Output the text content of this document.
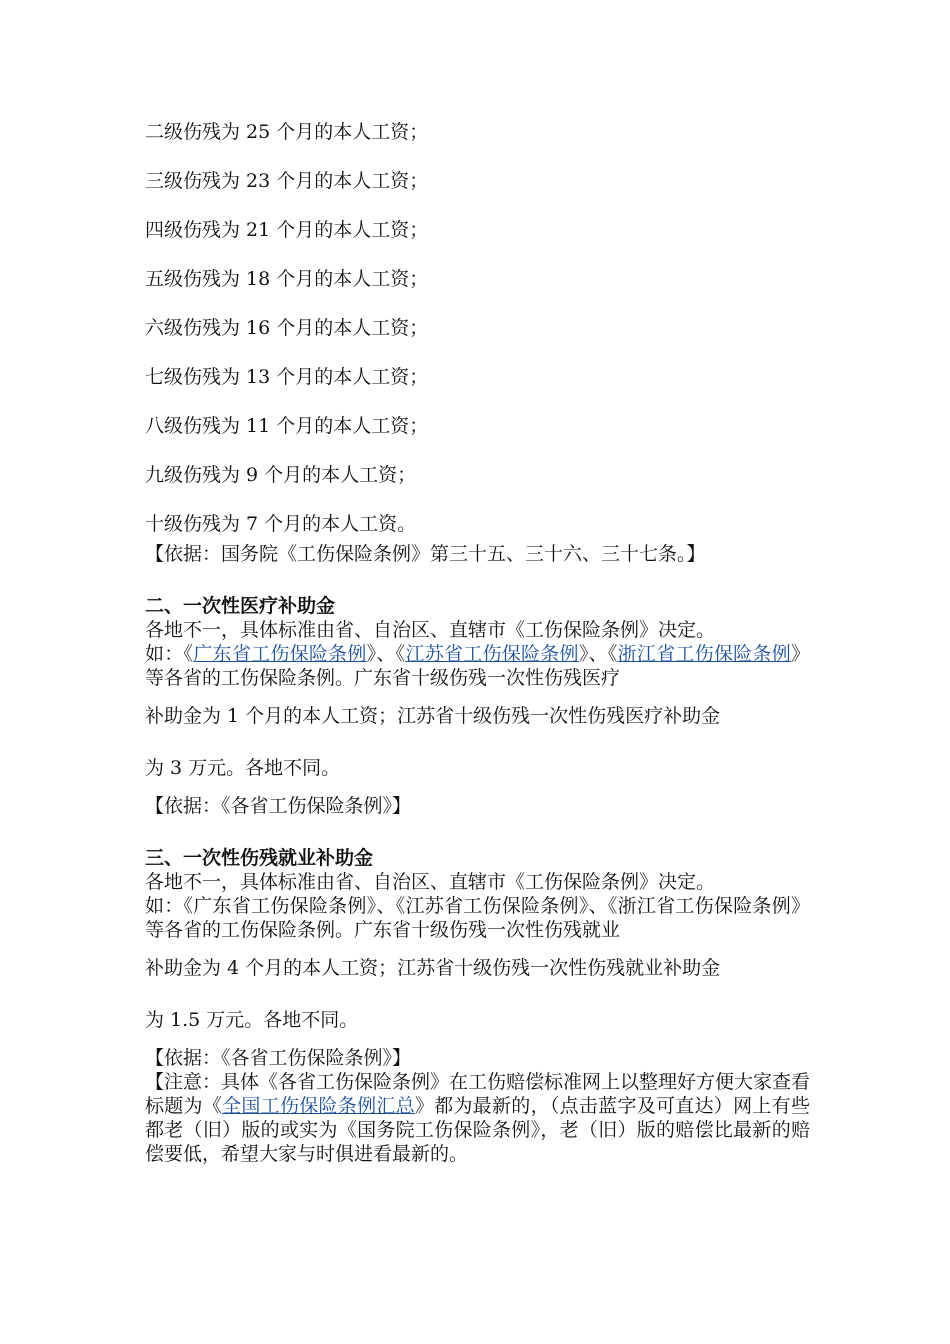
二级伤残为 25 个月的本人工资；

三级伤残为 23 个月的本人工资；

四级伤残为 21 个月的本人工资；

五级伤残为 18 个月的本人工资；

六级伤残为 16 个月的本人工资；

七级伤残为 13 个月的本人工资；

八级伤残为 11 个月的本人工资；

九级伤残为 9 个月的本人工资；

十级伤残为 7 个月的本人工资。

【依据：国务院《工伤保险条例》第三十五、三十六、三十七条。】

二、一次性医疗补助金

各地不一，具体标准由省、自治区、直辖市《工伤保险条例》决定。

如：《广东省工伤保险条例》、《江苏省工伤保险条例》、《浙江省工伤保险条例》等各省的工伤保险条例。广东省十级伤残一次性伤残医疗

补助金为 1 个月的本人工资；江苏省十级伤残一次性伤残医疗补助金

为 3 万元。各地不同。

【依据：《各省工伤保险条例》】

三、一次性伤残就业补助金

各地不一，具体标准由省、自治区、直辖市《工伤保险条例》决定。

如：《广东省工伤保险条例》、《江苏省工伤保险条例》、《浙江省工伤保险条例》等各省的工伤保险条例。广东省十级伤残一次性伤残就业

补助金为 4 个月的本人工资；江苏省十级伤残一次性伤残就业补助金

为 1.5 万元。各地不同。

【依据：《各省工伤保险条例》】

【注意：具体《各省工伤保险条例》在工伤赔偿标准网上以整理好方便大家查看标题为《全国工伤保险条例汇总》都为最新的，（点击蓝字及可直达）网上有些都老（旧）版的或实为《国务院工伤保险条例》，老（旧）版的赔偿比最新的赔偿要低，希望大家与时俱进看最新的。
